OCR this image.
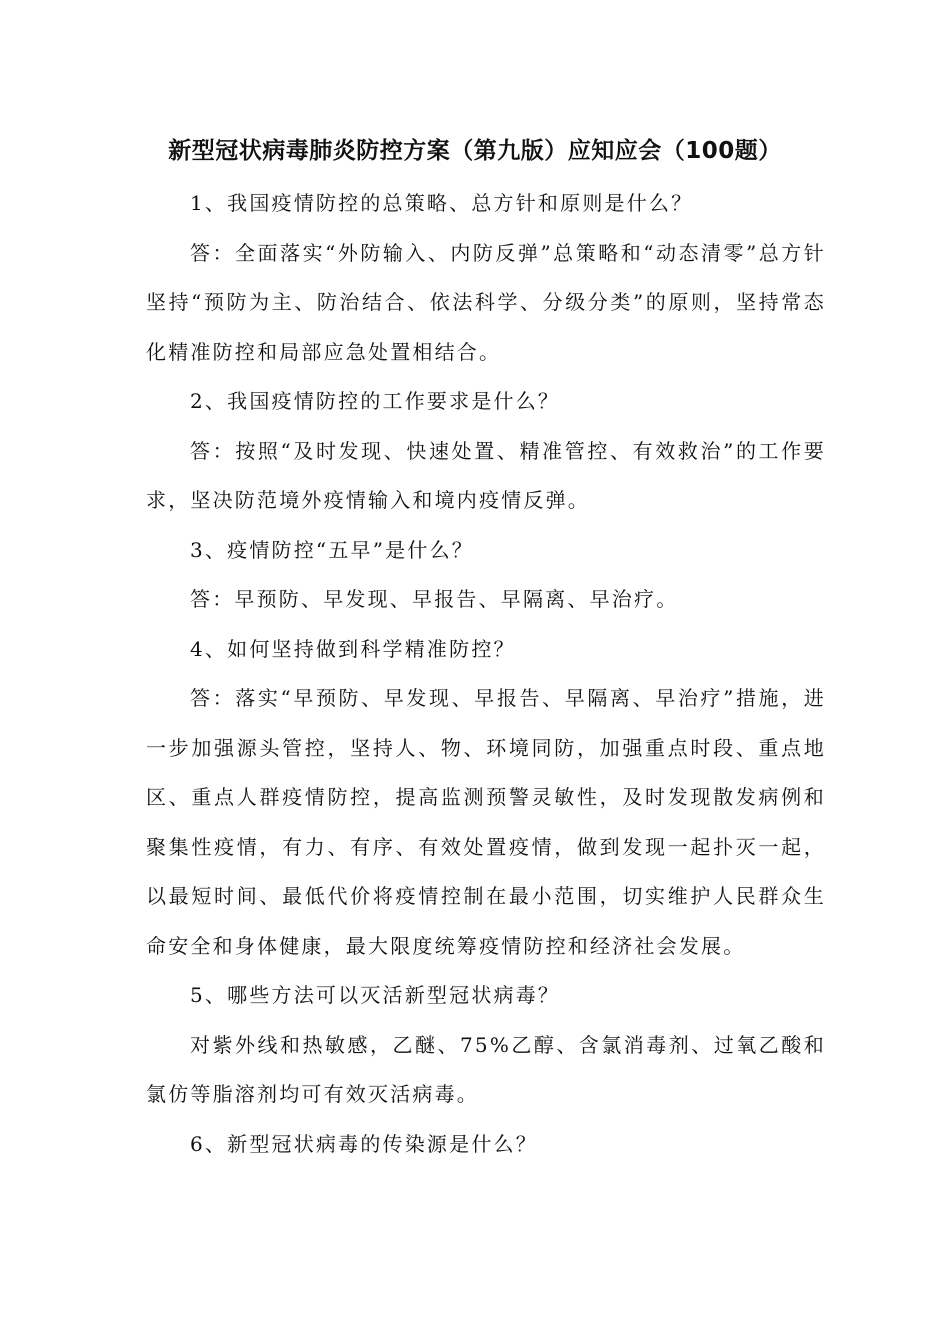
新型冠状病毒肺炎防控方案（第九版）应知应会（100题）

1、我国疫情防控的总策略、总方针和原则是什么？

答：全面落实“外防输入、内防反弹”总策略和“动态清零”总方针坚持“预防为主、防治结合、依法科学、分级分类”的原则，坚持常态化精准防控和局部应急处置相结合。

2、我国疫情防控的工作要求是什么？

答：按照“及时发现、快速处置、精准管控、有效救治”的工作要求，坚决防范境外疫情输入和境内疫情反弹。

3、疫情防控“五早”是什么？

答：早预防、早发现、早报告、早隔离、早治疗。

4、如何坚持做到科学精准防控？

答：落实“早预防、早发现、早报告、早隔离、早治疗”措施，进一步加强源头管控，坚持人、物、环境同防，加强重点时段、重点地区、重点人群疫情防控，提高监测预警灵敏性，及时发现散发病例和聚集性疫情，有力、有序、有效处置疫情，做到发现一起扑灭一起，以最短时间、最低代价将疫情控制在最小范围，切实维护人民群众生命安全和身体健康，最大限度统筹疫情防控和经济社会发展。

5、哪些方法可以灭活新型冠状病毒？

对紫外线和热敏感，乙醚、75%乙醇、含氯消毒剂、过氧乙酸和氯仿等脂溶剂均可有效灭活病毒。

6、新型冠状病毒的传染源是什么？
